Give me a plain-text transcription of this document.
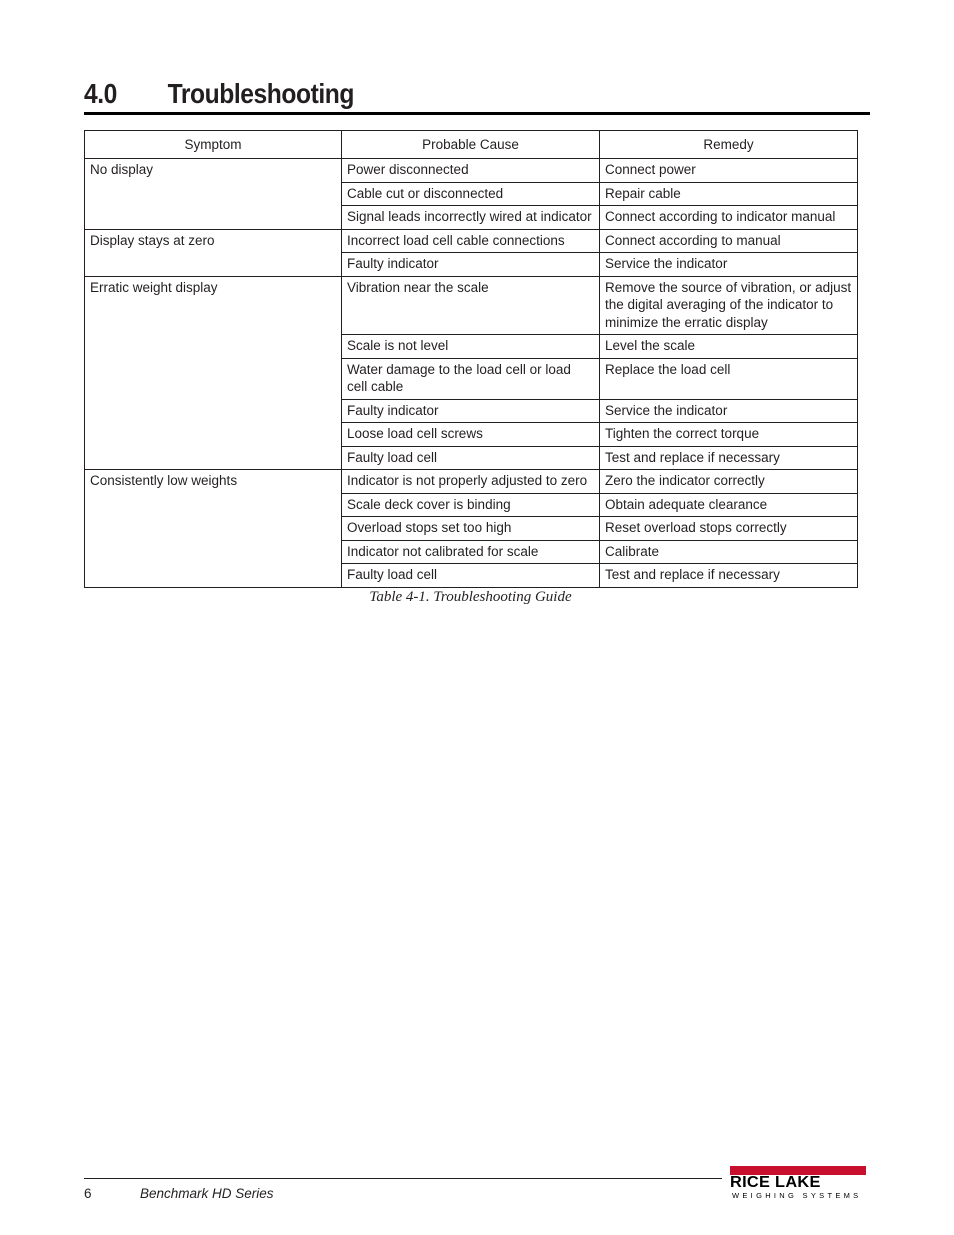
4.0	Troubleshooting
Symptom	Probable Cause	Remedy
No display	Power disconnected	Connect power
	Cable cut or disconnected	Repair cable
	Signal leads incorrectly wired at indicator	Connect according to indicator manual
Display stays at zero	Incorrect load cell cable connections	Connect according to manual
	Faulty indicator	Service the indicator
Erratic weight display	Vibration near the scale	Remove the source of vibration, or adjust the digital averaging of the indicator to minimize the erratic display
	Scale is not level	Level the scale
	Water damage to the load cell or load cell cable	Replace the load cell
	Faulty indicator	Service the indicator
	Loose load cell screws	Tighten the correct torque
	Faulty load cell	Test and replace if necessary
Consistently low weights	Indicator is not properly adjusted to zero	Zero the indicator correctly
	Scale deck cover is binding	Obtain adequate clearance
	Overload stops set too high	Reset overload stops correctly
	Indicator not calibrated for scale	Calibrate
	Faulty load cell	Test and replace if necessary
Table 4-1. Troubleshooting Guide
6	Benchmark HD Series
RICE LAKE
WEIGHING SYSTEMS
